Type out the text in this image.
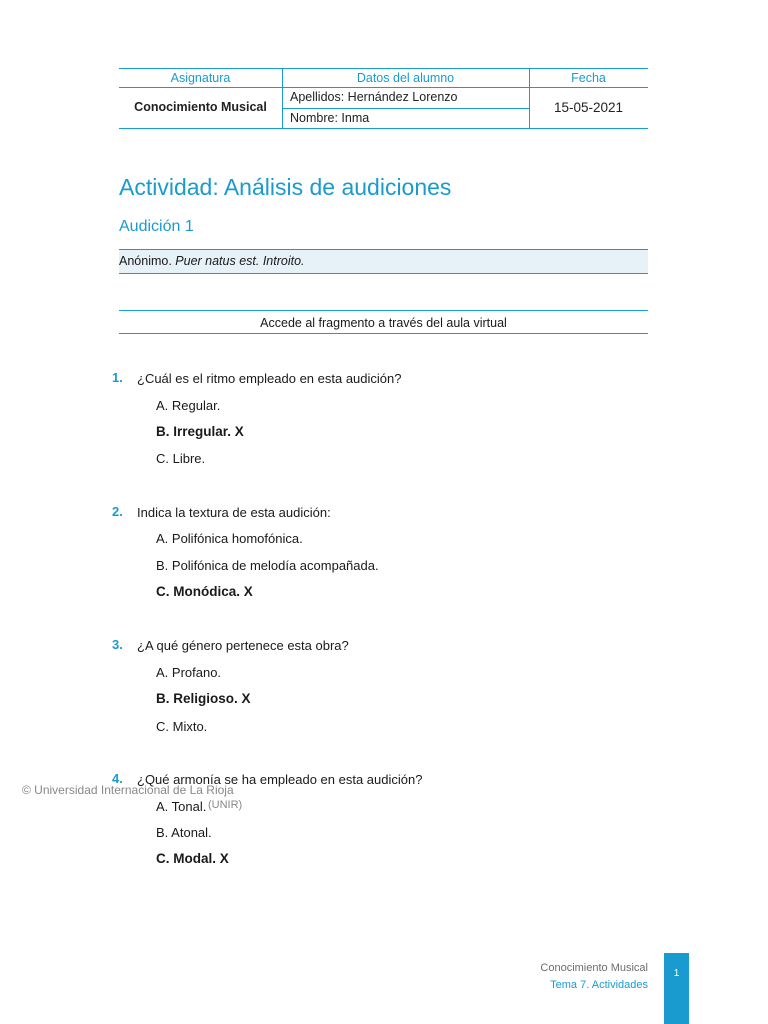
Asignatura	Datos del alumno	Fecha
Conocimiento Musical
Apellidos: Hernández Lorenzo
Nombre: Inma
15-05-2021
Actividad: Análisis de audiciones
Audición 1
Anónimo. Puer natus est. Introito.
Accede al fragmento a través del aula virtual
1. ¿Cuál es el ritmo empleado en esta audición?
A. Regular.
B. Irregular. X
C. Libre.
2. Indica la textura de esta audición:
A. Polifónica homofónica.
B. Polifónica de melodía acompañada.
C. Monódica. X
3. ¿A qué género pertenece esta obra?
A. Profano.
B. Religioso. X
C. Mixto.
4. ¿Qué armonía se ha empleado en esta audición?
A. Tonal.
B. Atonal.
C. Modal. X
© Universidad Internacional de La Rioja
(UNIR)
Conocimiento Musical
Tema 7. Actividades
1
